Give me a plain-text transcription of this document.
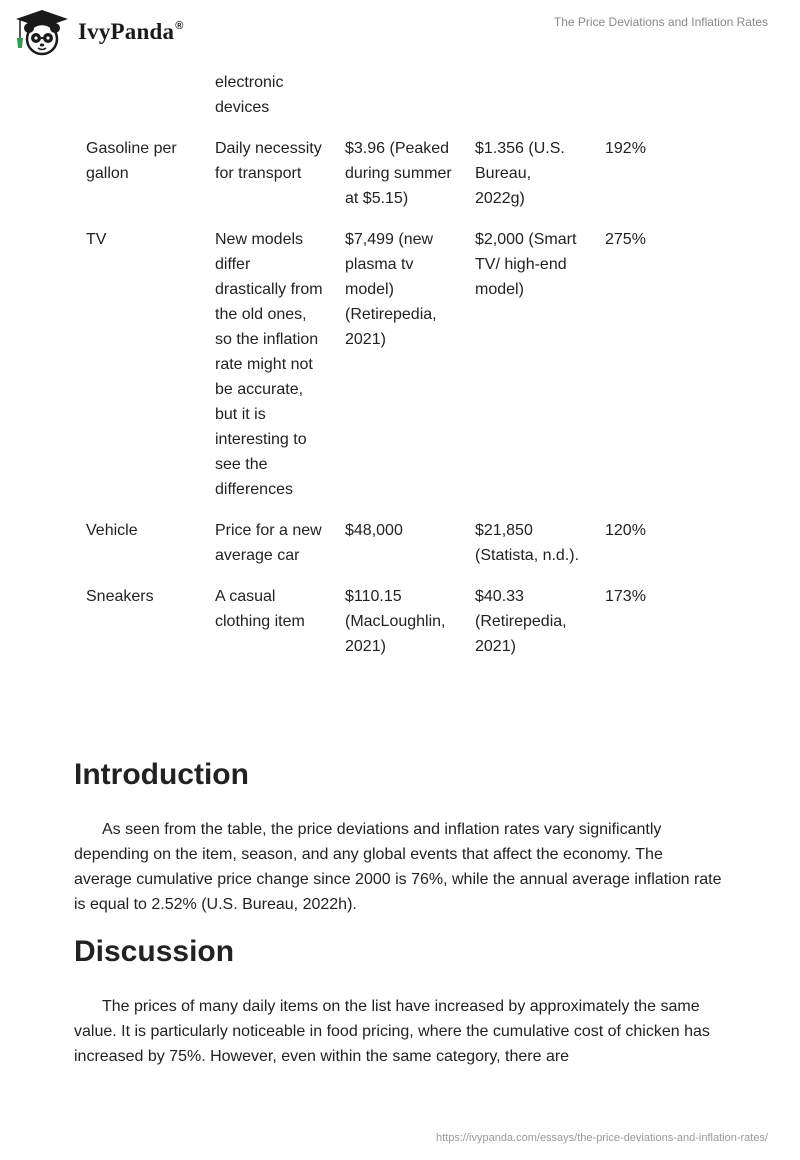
IvyPanda®	The Price Deviations and Inflation Rates
	electronic devices			
Gasoline per gallon	Daily necessity for transport	$3.96 (Peaked during summer at $5.15)	$1.356 (U.S. Bureau, 2022g)	192%
TV	New models differ drastically from the old ones, so the inflation rate might not be accurate, but it is interesting to see the differences	$7,499 (new plasma tv model) (Retirepedia, 2021)	$2,000 (Smart TV/ high-end model)	275%
Vehicle	Price for a new average car	$48,000	$21,850 (Statista, n.d.).	120%
Sneakers	A casual clothing item	$110.15 (MacLoughlin, 2021)	$40.33 (Retirepedia, 2021)	173%
Introduction

As seen from the table, the price deviations and inflation rates vary significantly depending on the item, season, and any global events that affect the economy. The average cumulative price change since 2000 is 76%, while the annual average inflation rate is equal to 2.52% (U.S. Bureau, 2022h).

Discussion

The prices of many daily items on the list have increased by approximately the same value. It is particularly noticeable in food pricing, where the cumulative cost of chicken has increased by 75%. However, even within the same category, there are

https://ivypanda.com/essays/the-price-deviations-and-inflation-rates/
